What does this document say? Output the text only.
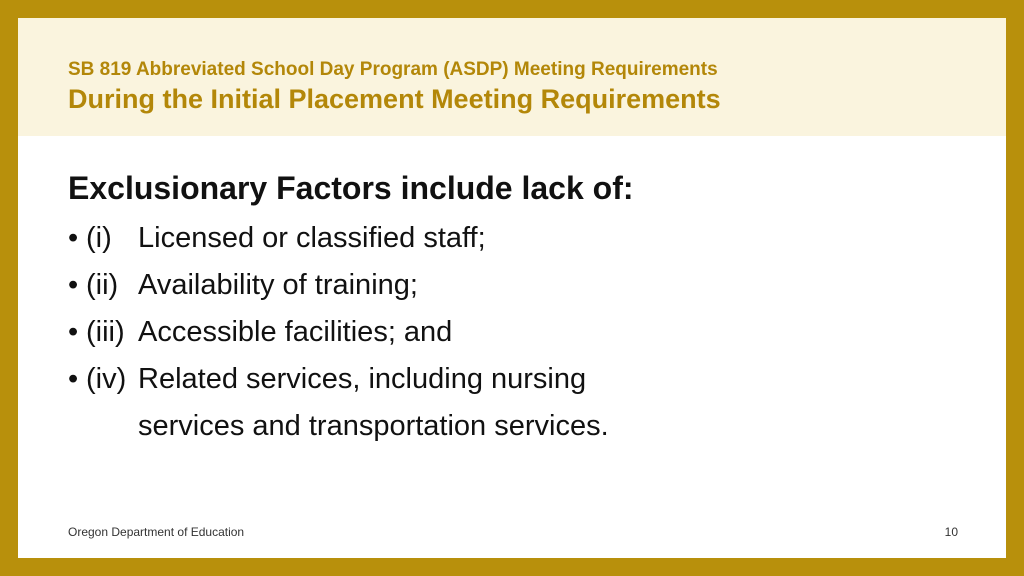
SB 819 Abbreviated School Day Program (ASDP) Meeting Requirements
During the Initial Placement Meeting Requirements
Exclusionary Factors include lack of:
• (i) Licensed or classified staff;
• (ii) Availability of training;
• (iii) Accessible facilities; and
• (iv) Related services, including nursing
services and transportation services.
Oregon Department of Education	10
